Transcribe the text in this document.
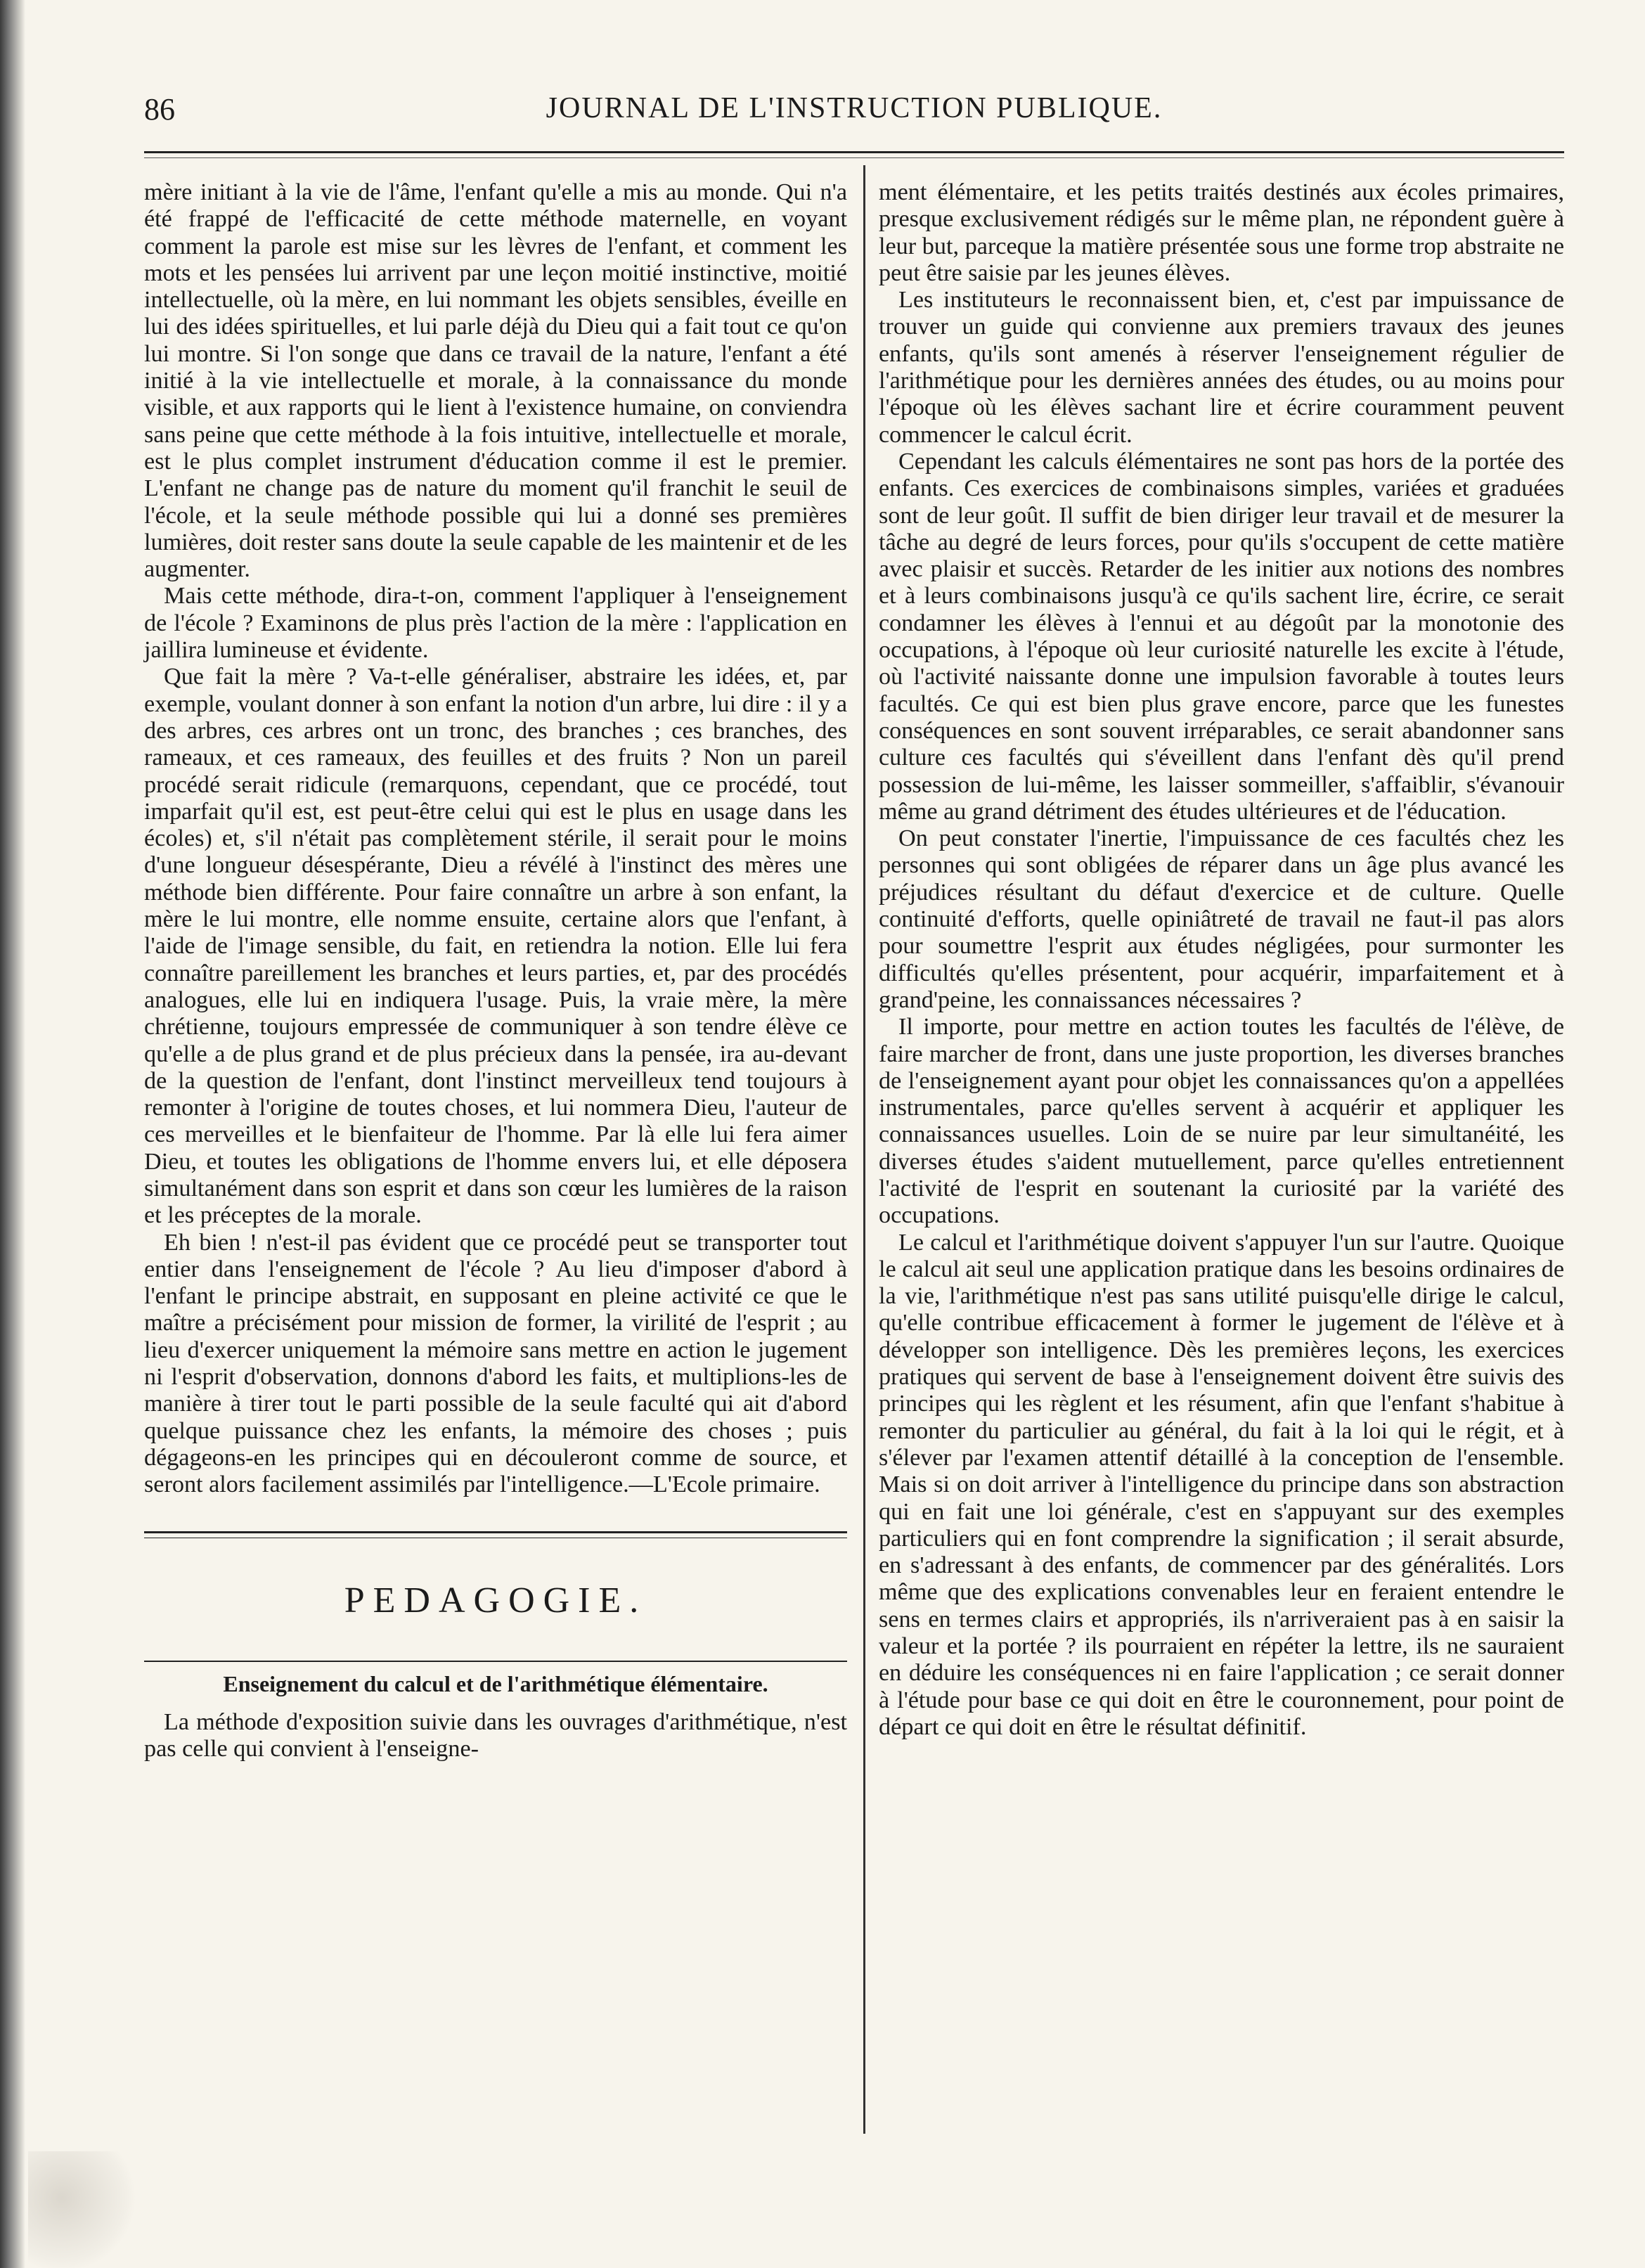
86	JOURNAL DE L'INSTRUCTION PUBLIQUE.

mère initiant à la vie de l'âme, l'enfant qu'elle a mis au monde. Qui n'a été frappé de l'efficacité de cette méthode maternelle, en voyant comment la parole est mise sur les lèvres de l'enfant, et comment les mots et les pensées lui arrivent par une leçon moitié instinctive, moitié intellectuelle, où la mère, en lui nommant les objets sensibles, éveille en lui des idées spirituelles, et lui parle déjà du Dieu qui a fait tout ce qu'on lui montre. Si l'on songe que dans ce travail de la nature, l'enfant a été initié à la vie intellectuelle et morale, à la connaissance du monde visible, et aux rapports qui le lient à l'existence humaine, on conviendra sans peine que cette méthode à la fois intuitive, intellectuelle et morale, est le plus complet instrument d'éducation comme il est le premier. L'enfant ne change pas de nature du moment qu'il franchit le seuil de l'école, et la seule méthode possible qui lui a donné ses premières lumières, doit rester sans doute la seule capable de les maintenir et de les augmenter.

Mais cette méthode, dira-t-on, comment l'appliquer à l'enseignement de l'école ? Examinons de plus près l'action de la mère : l'application en jaillira lumineuse et évidente.

Que fait la mère ? Va-t-elle généraliser, abstraire les idées, et, par exemple, voulant donner à son enfant la notion d'un arbre, lui dire : il y a des arbres, ces arbres ont un tronc, des branches ; ces branches, des rameaux, et ces rameaux, des feuilles et des fruits ? Non un pareil procédé serait ridicule (remarquons, cependant, que ce procédé, tout imparfait qu'il est, est peut-être celui qui est le plus en usage dans les écoles) et, s'il n'était pas complètement stérile, il serait pour le moins d'une longueur désespérante, Dieu a révélé à l'instinct des mères une méthode bien différente. Pour faire connaître un arbre à son enfant, la mère le lui montre, elle nomme ensuite, certaine alors que l'enfant, à l'aide de l'image sensible, du fait, en retiendra la notion. Elle lui fera connaître pareillement les branches et leurs parties, et, par des procédés analogues, elle lui en indiquera l'usage. Puis, la vraie mère, la mère chrétienne, toujours empressée de communiquer à son tendre élève ce qu'elle a de plus grand et de plus précieux dans la pensée, ira au-devant de la question de l'enfant, dont l'instinct merveilleux tend toujours à remonter à l'origine de toutes choses, et lui nommera Dieu, l'auteur de ces merveilles et le bienfaiteur de l'homme. Par là elle lui fera aimer Dieu, et toutes les obligations de l'homme envers lui, et elle déposera simultanément dans son esprit et dans son cœur les lumières de la raison et les préceptes de la morale.

Eh bien ! n'est-il pas évident que ce procédé peut se transporter tout entier dans l'enseignement de l'école ? Au lieu d'imposer d'abord à l'enfant le principe abstrait, en supposant en pleine activité ce que le maître a précisément pour mission de former, la virilité de l'esprit ; au lieu d'exercer uniquement la mémoire sans mettre en action le jugement ni l'esprit d'observation, donnons d'abord les faits, et multiplions-les de manière à tirer tout le parti possible de la seule faculté qui ait d'abord quelque puissance chez les enfants, la mémoire des choses ; puis dégageons-en les principes qui en découleront comme de source, et seront alors facilement assimilés par l'intelligence.—L'Ecole primaire.

PEDAGOGIE.
Enseignement du calcul et de l'arithmétique élémentaire.

La méthode d'exposition suivie dans les ouvrages d'arithmétique, n'est pas celle qui convient à l'enseigne-

ment élémentaire, et les petits traités destinés aux écoles primaires, presque exclusivement rédigés sur le même plan, ne répondent guère à leur but, parceque la matière présentée sous une forme trop abstraite ne peut être saisie par les jeunes élèves.

Les instituteurs le reconnaissent bien, et, c'est par impuissance de trouver un guide qui convienne aux premiers travaux des jeunes enfants, qu'ils sont amenés à réserver l'enseignement régulier de l'arithmétique pour les dernières années des études, ou au moins pour l'époque où les élèves sachant lire et écrire couramment peuvent commencer le calcul écrit.

Cependant les calculs élémentaires ne sont pas hors de la portée des enfants. Ces exercices de combinaisons simples, variées et graduées sont de leur goût. Il suffit de bien diriger leur travail et de mesurer la tâche au degré de leurs forces, pour qu'ils s'occupent de cette matière avec plaisir et succès. Retarder de les initier aux notions des nombres et à leurs combinaisons jusqu'à ce qu'ils sachent lire, écrire, ce serait condamner les élèves à l'ennui et au dégoût par la monotonie des occupations, à l'époque où leur curiosité naturelle les excite à l'étude, où l'activité naissante donne une impulsion favorable à toutes leurs facultés. Ce qui est bien plus grave encore, parce que les funestes conséquences en sont souvent irréparables, ce serait abandonner sans culture ces facultés qui s'éveillent dans l'enfant dès qu'il prend possession de lui-même, les laisser sommeiller, s'affaiblir, s'évanouir même au grand détriment des études ultérieures et de l'éducation.

On peut constater l'inertie, l'impuissance de ces facultés chez les personnes qui sont obligées de réparer dans un âge plus avancé les préjudices résultant du défaut d'exercice et de culture. Quelle continuité d'efforts, quelle opiniâtreté de travail ne faut-il pas alors pour soumettre l'esprit aux études négligées, pour surmonter les difficultés qu'elles présentent, pour acquérir, imparfaitement et à grand'peine, les connaissances nécessaires ?

Il importe, pour mettre en action toutes les facultés de l'élève, de faire marcher de front, dans une juste proportion, les diverses branches de l'enseignement ayant pour objet les connaissances qu'on a appellées instrumentales, parce qu'elles servent à acquérir et appliquer les connaissances usuelles. Loin de se nuire par leur simultanéité, les diverses études s'aident mutuellement, parce qu'elles entretiennent l'activité de l'esprit en soutenant la curiosité par la variété des occupations.

Le calcul et l'arithmétique doivent s'appuyer l'un sur l'autre. Quoique le calcul ait seul une application pratique dans les besoins ordinaires de la vie, l'arithmétique n'est pas sans utilité puisqu'elle dirige le calcul, qu'elle contribue efficacement à former le jugement de l'élève et à développer son intelligence. Dès les premières leçons, les exercices pratiques qui servent de base à l'enseignement doivent être suivis des principes qui les règlent et les résument, afin que l'enfant s'habitue à remonter du particulier au général, du fait à la loi qui le régit, et à s'élever par l'examen attentif détaillé à la conception de l'ensemble. Mais si on doit arriver à l'intelligence du principe dans son abstraction qui en fait une loi générale, c'est en s'appuyant sur des exemples particuliers qui en font comprendre la signification ; il serait absurde, en s'adressant à des enfants, de commencer par des généralités. Lors même que des explications convenables leur en feraient entendre le sens en termes clairs et appropriés, ils n'arriveraient pas à en saisir la valeur et la portée ? ils pourraient en répéter la lettre, ils ne sauraient en déduire les conséquences ni en faire l'application ; ce serait donner à l'étude pour base ce qui doit en être le couronnement, pour point de départ ce qui doit en être le résultat définitif.
